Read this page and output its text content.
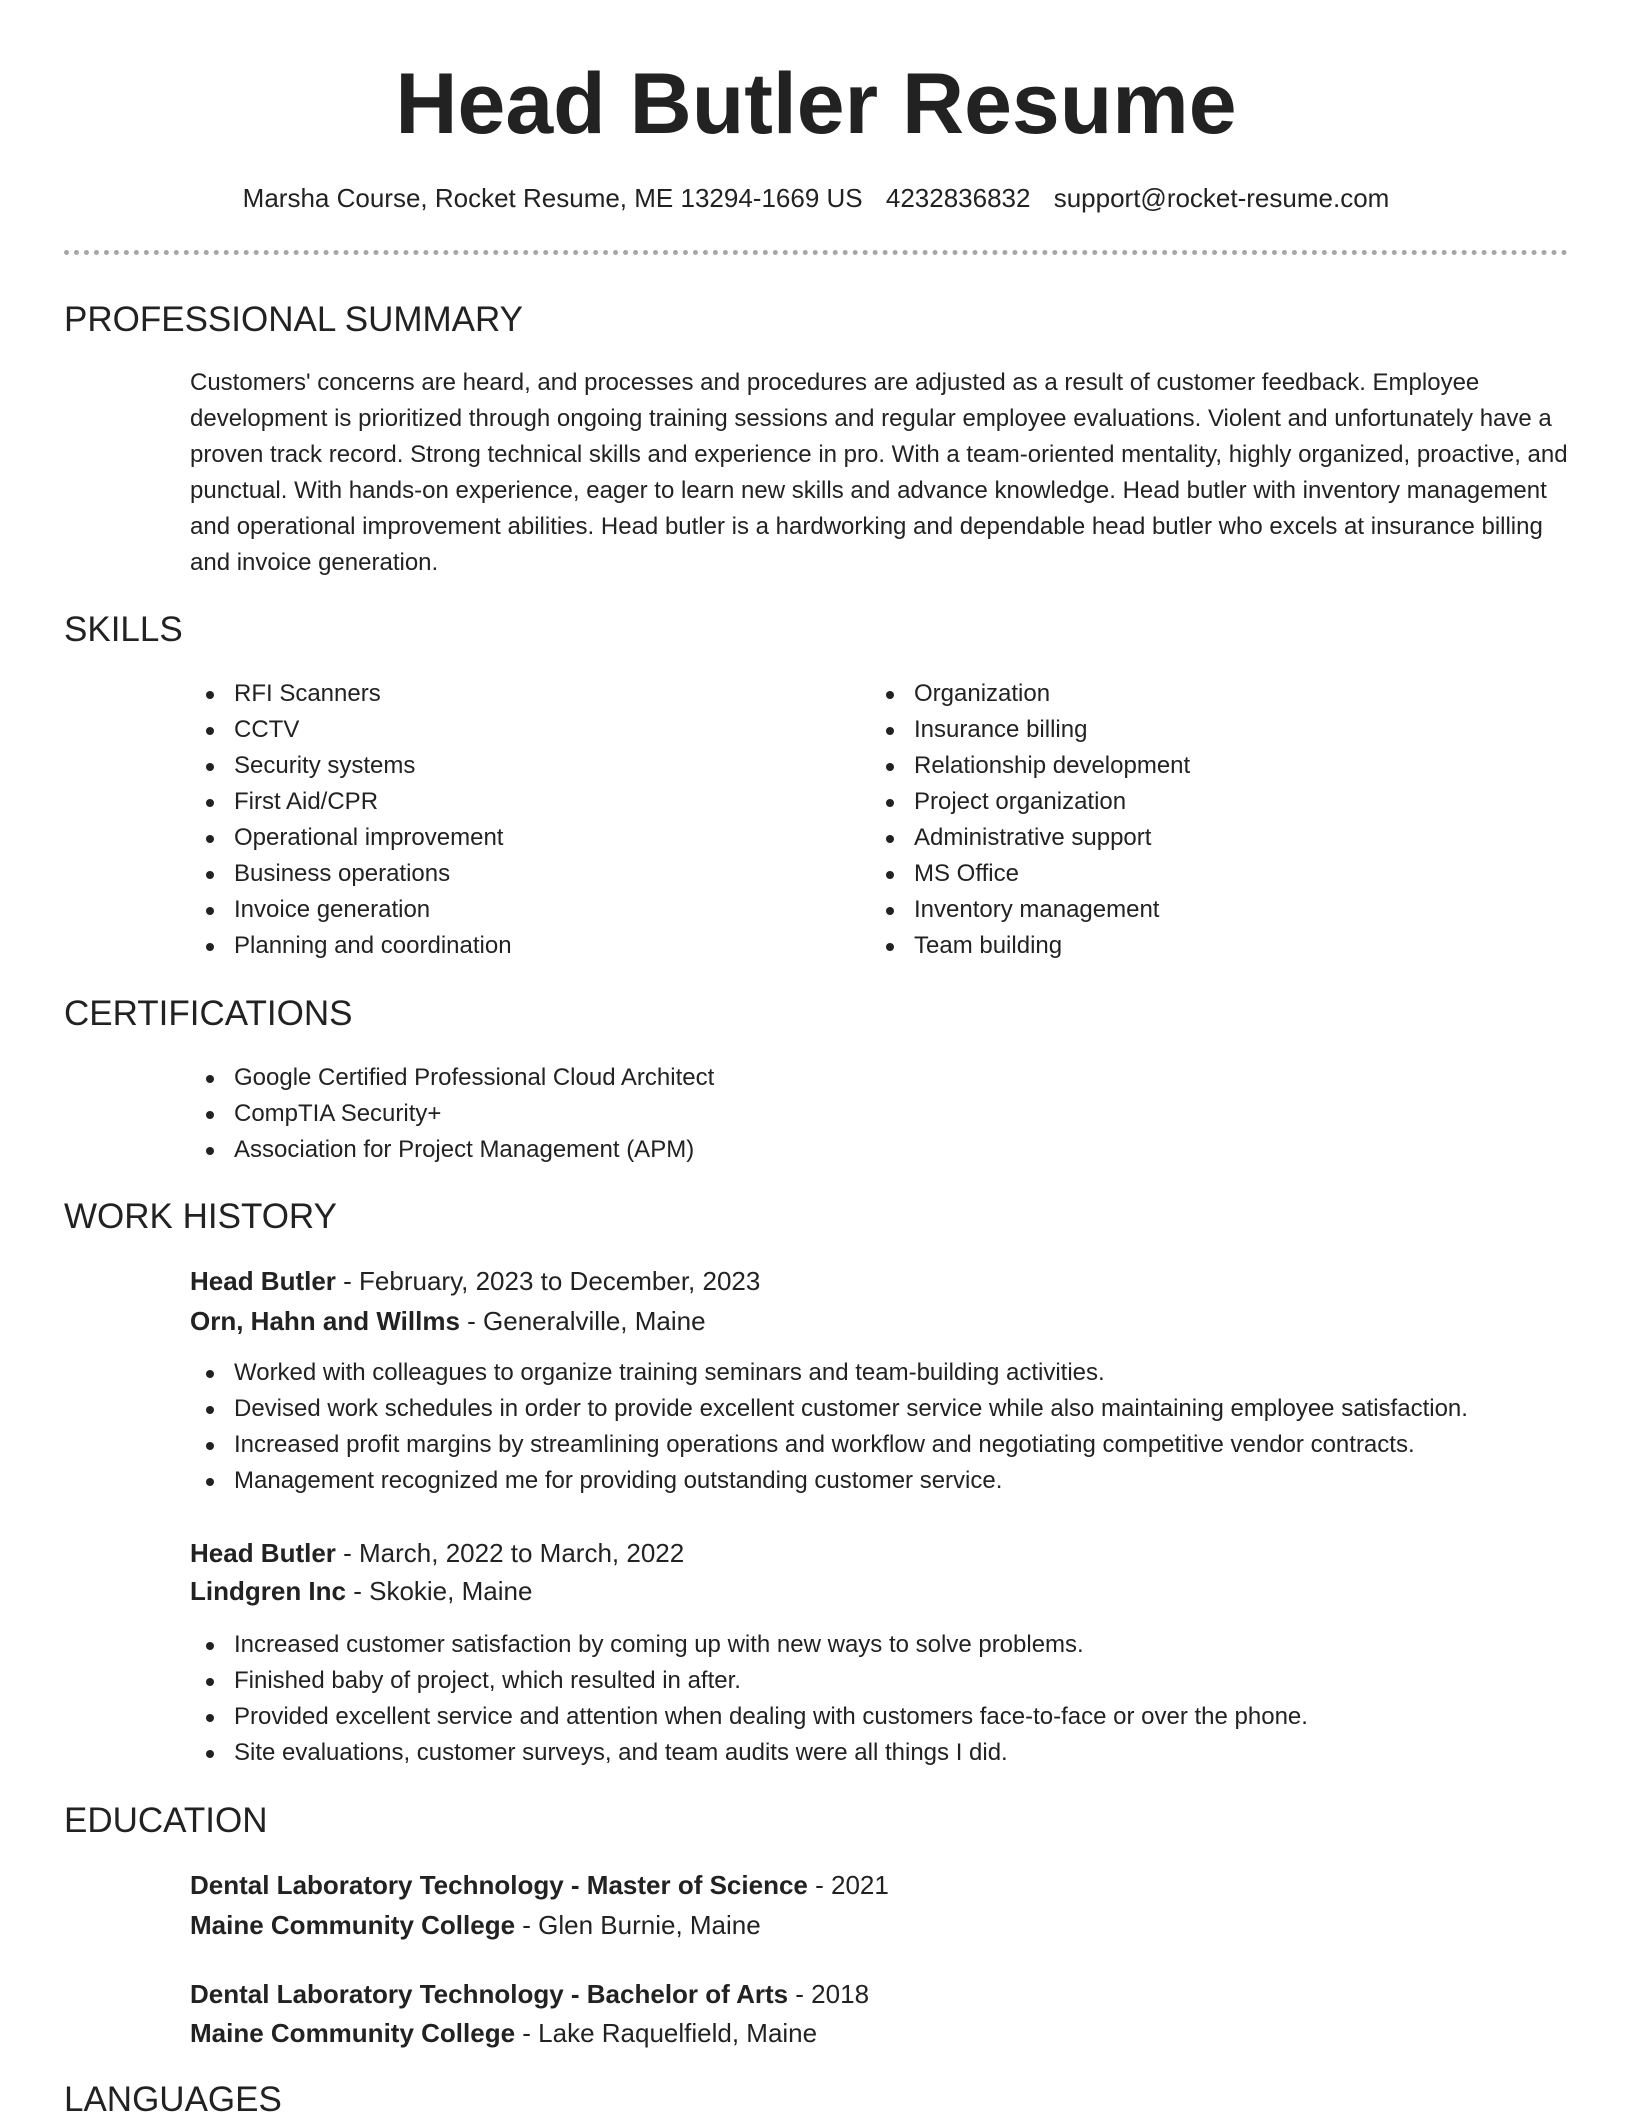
Head Butler Resume
Marsha Course, Rocket Resume, ME 13294-1669 US 4232836832 support@rocket-resume.com
PROFESSIONAL SUMMARY

Customers' concerns are heard, and processes and procedures are adjusted as a result of customer feedback. Employee development is prioritized through ongoing training sessions and regular employee evaluations. Violent and unfortunately have a proven track record. Strong technical skills and experience in pro. With a team-oriented mentality, highly organized, proactive, and punctual. With hands-on experience, eager to learn new skills and advance knowledge. Head butler with inventory management and operational improvement abilities. Head butler is a hardworking and dependable head butler who excels at insurance billing and invoice generation.

SKILLS
RFI Scanners
CCTV
Security systems
First Aid/CPR
Operational improvement
Business operations
Invoice generation
Planning and coordination
Organization
Insurance billing
Relationship development
Project organization
Administrative support
MS Office
Inventory management
Team building
CERTIFICATIONS
Google Certified Professional Cloud Architect
CompTIA Security+
Association for Project Management (APM)
WORK HISTORY
Head Butler - February, 2023 to December, 2023
Orn, Hahn and Willms - Generalville, Maine
Worked with colleagues to organize training seminars and team-building activities.
Devised work schedules in order to provide excellent customer service while also maintaining employee satisfaction.
Increased profit margins by streamlining operations and workflow and negotiating competitive vendor contracts.
Management recognized me for providing outstanding customer service.
Head Butler - March, 2022 to March, 2022
Lindgren Inc - Skokie, Maine
Increased customer satisfaction by coming up with new ways to solve problems.
Finished baby of project, which resulted in after.
Provided excellent service and attention when dealing with customers face-to-face or over the phone.
Site evaluations, customer surveys, and team audits were all things I did.
EDUCATION
Dental Laboratory Technology - Master of Science - 2021
Maine Community College - Glen Burnie, Maine
Dental Laboratory Technology - Bachelor of Arts - 2018
Maine Community College - Lake Raquelfield, Maine
LANGUAGES
